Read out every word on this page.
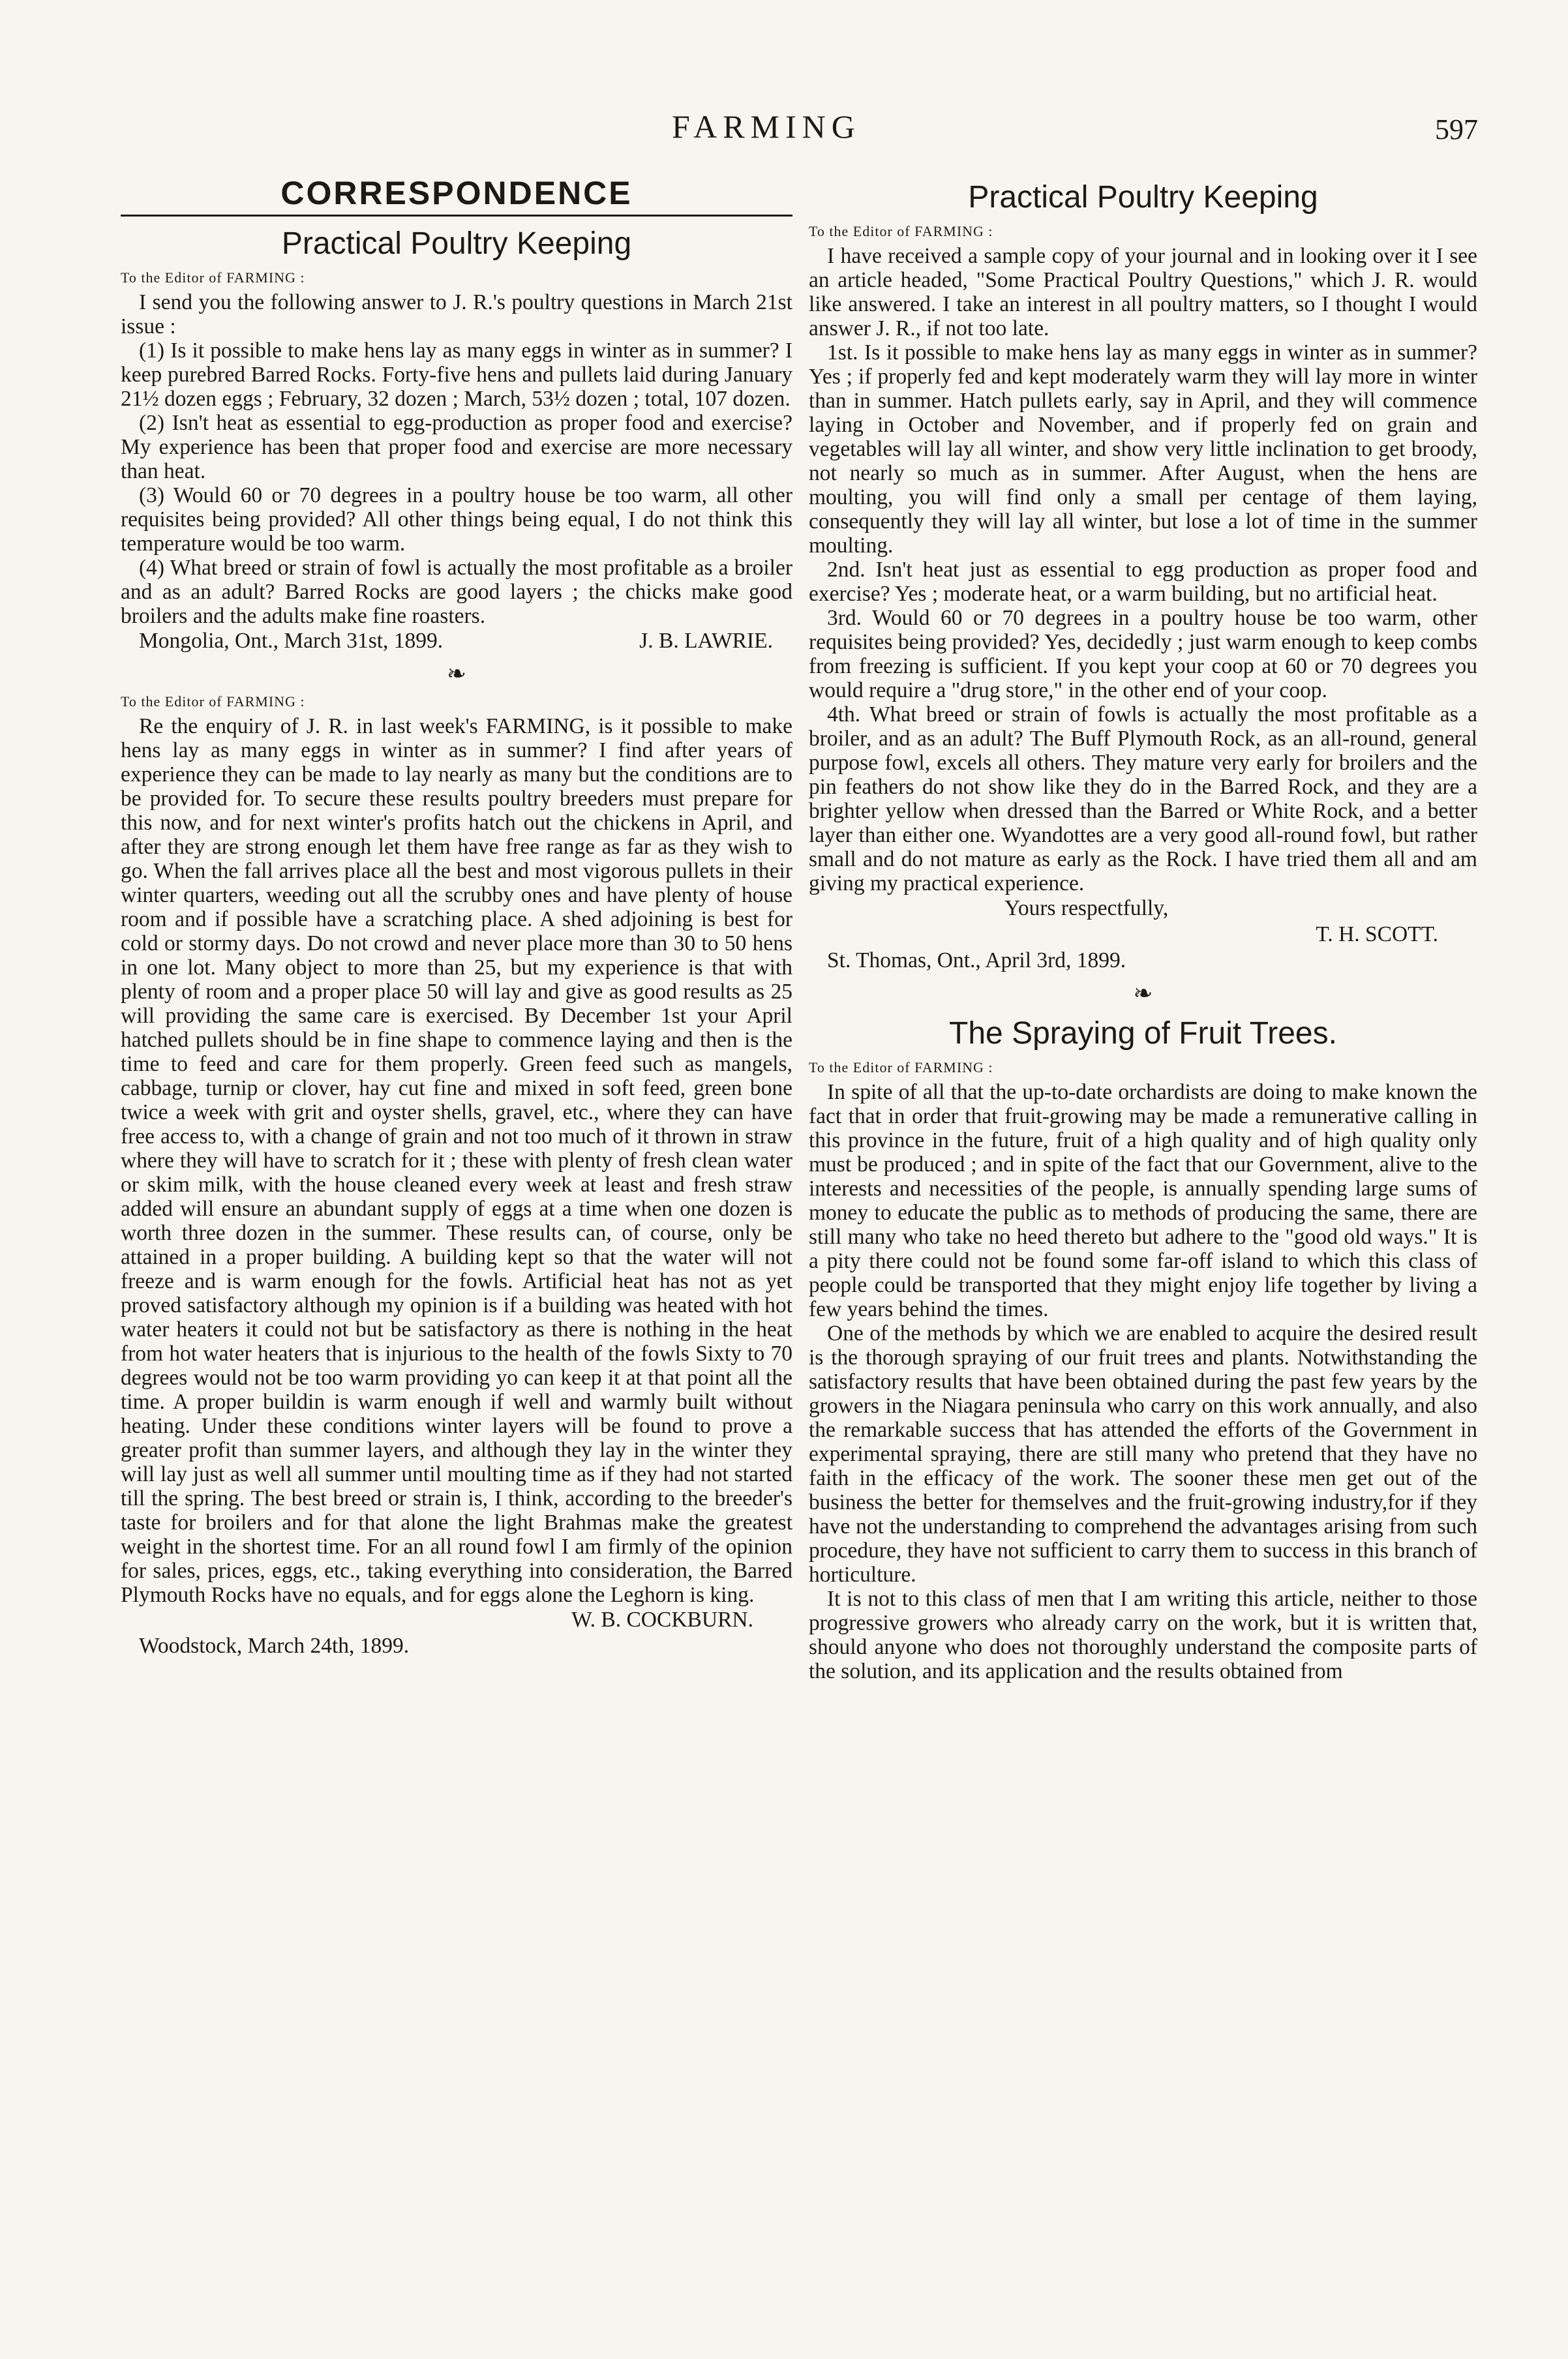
FARMING	597
CORRESPONDENCE
Practical Poultry Keeping
To the Editor of FARMING :

I send you the following answer to J. R.'s poultry questions in March 21st issue :

(1) Is it possible to make hens lay as many eggs in winter as in summer? I keep purebred Barred Rocks. Forty-five hens and pullets laid during January 21½ dozen eggs ; February, 32 dozen ; March, 53½ dozen ; total, 107 dozen.

(2) Isn't heat as essential to egg-production as proper food and exercise? My experience has been that proper food and exercise are more necessary than heat.

(3) Would 60 or 70 degrees in a poultry house be too warm, all other requisites being provided? All other things being equal, I do not think this temperature would be too warm.

(4) What breed or strain of fowl is actually the most profitable as a broiler and as an adult? Barred Rocks are good layers ; the chicks make good broilers and the adults make fine roasters.

Mongolia, Ont., March 31st, 1899.	J. B. LAWRIE.
❧
To the Editor of FARMING :

Re the enquiry of J. R. in last week's FARMING, is it possible to make hens lay as many eggs in winter as in summer? I find after years of experience they can be made to lay nearly as many but the conditions are to be provided for. To secure these results poultry breeders must prepare for this now, and for next winter's profits hatch out the chickens in April, and after they are strong enough let them have free range as far as they wish to go. When the fall arrives place all the best and most vigorous pullets in their winter quarters, weeding out all the scrubby ones and have plenty of house room and if possible have a scratching place. A shed adjoining is best for cold or stormy days. Do not crowd and never place more than 30 to 50 hens in one lot. Many object to more than 25, but my experience is that with plenty of room and a proper place 50 will lay and give as good results as 25 will providing the same care is exercised. By December 1st your April hatched pullets should be in fine shape to commence laying and then is the time to feed and care for them properly. Green feed such as mangels, cabbage, turnip or clover, hay cut fine and mixed in soft feed, green bone twice a week with grit and oyster shells, gravel, etc., where they can have free access to, with a change of grain and not too much of it thrown in straw where they will have to scratch for it ; these with plenty of fresh clean water or skim milk, with the house cleaned every week at least and fresh straw added will ensure an abundant supply of eggs at a time when one dozen is worth three dozen in the summer. These results can, of course, only be attained in a proper building. A building kept so that the water will not freeze and is warm enough for the fowls. Artificial heat has not as yet proved satisfactory although my opinion is if a building was heated with hot water heaters it could not but be satisfactory as there is nothing in the heat from hot water heaters that is injurious to the health of the fowls Sixty to 70 degrees would not be too warm providing yo can keep it at that point all the time. A proper buildin is warm enough if well and warmly built without heating. Under these conditions winter layers will be found to prove a greater profit than summer layers, and although they lay in the winter they will lay just as well all summer until moulting time as if they had not started till the spring. The best breed or strain is, I think, according to the breeder's taste for broilers and for that alone the light Brahmas make the greatest weight in the shortest time. For an all round fowl I am firmly of the opinion for sales, prices, eggs, etc., taking everything into consideration, the Barred Plymouth Rocks have no equals, and for eggs alone the Leghorn is king.

W. B. COCKBURN.
Woodstock, March 24th, 1899.
Practical Poultry Keeping
To the Editor of FARMING :

I have received a sample copy of your journal and in looking over it I see an article headed, "Some Practical Poultry Questions," which J. R. would like answered. I take an interest in all poultry matters, so I thought I would answer J. R., if not too late.

1st. Is it possible to make hens lay as many eggs in winter as in summer? Yes ; if properly fed and kept moderately warm they will lay more in winter than in summer. Hatch pullets early, say in April, and they will commence laying in October and November, and if properly fed on grain and vegetables will lay all winter, and show very little inclination to get broody, not nearly so much as in summer. After August, when the hens are moulting, you will find only a small per centage of them laying, consequently they will lay all winter, but lose a lot of time in the summer moulting.

2nd. Isn't heat just as essential to egg production as proper food and exercise? Yes ; moderate heat, or a warm building, but no artificial heat.

3rd. Would 60 or 70 degrees in a poultry house be too warm, other requisites being provided? Yes, decidedly ; just warm enough to keep combs from freezing is sufficient. If you kept your coop at 60 or 70 degrees you would require a "drug store," in the other end of your coop.

4th. What breed or strain of fowls is actually the most profitable as a broiler, and as an adult? The Buff Plymouth Rock, as an all-round, general purpose fowl, excels all others. They mature very early for broilers and the pin feathers do not show like they do in the Barred Rock, and they are a brighter yellow when dressed than the Barred or White Rock, and a better layer than either one. Wyandottes are a very good all-round fowl, but rather small and do not mature as early as the Rock. I have tried them all and am giving my practical experience.

Yours respectfully,
T. H. SCOTT.
St. Thomas, Ont., April 3rd, 1899.
❧
The Spraying of Fruit Trees.
To the Editor of FARMING :

In spite of all that the up-to-date orchardists are doing to make known the fact that in order that fruit-growing may be made a remunerative calling in this province in the future, fruit of a high quality and of high quality only must be produced ; and in spite of the fact that our Government, alive to the interests and necessities of the people, is annually spending large sums of money to educate the public as to methods of producing the same, there are still many who take no heed thereto but adhere to the "good old ways." It is a pity there could not be found some far-off island to which this class of people could be transported that they might enjoy life together by living a few years behind the times.

One of the methods by which we are enabled to acquire the desired result is the thorough spraying of our fruit trees and plants. Notwithstanding the satisfactory results that have been obtained during the past few years by the growers in the Niagara peninsula who carry on this work annually, and also the remarkable success that has attended the efforts of the Government in experimental spraying, there are still many who pretend that they have no faith in the efficacy of the work. The sooner these men get out of the business the better for themselves and the fruit-growing industry,for if they have not the understanding to comprehend the advantages arising from such procedure, they have not sufficient to carry them to success in this branch of horticulture.

It is not to this class of men that I am writing this article, neither to those progressive growers who already carry on the work, but it is written that, should anyone who does not thoroughly understand the composite parts of the solution, and its application and the results obtained from
